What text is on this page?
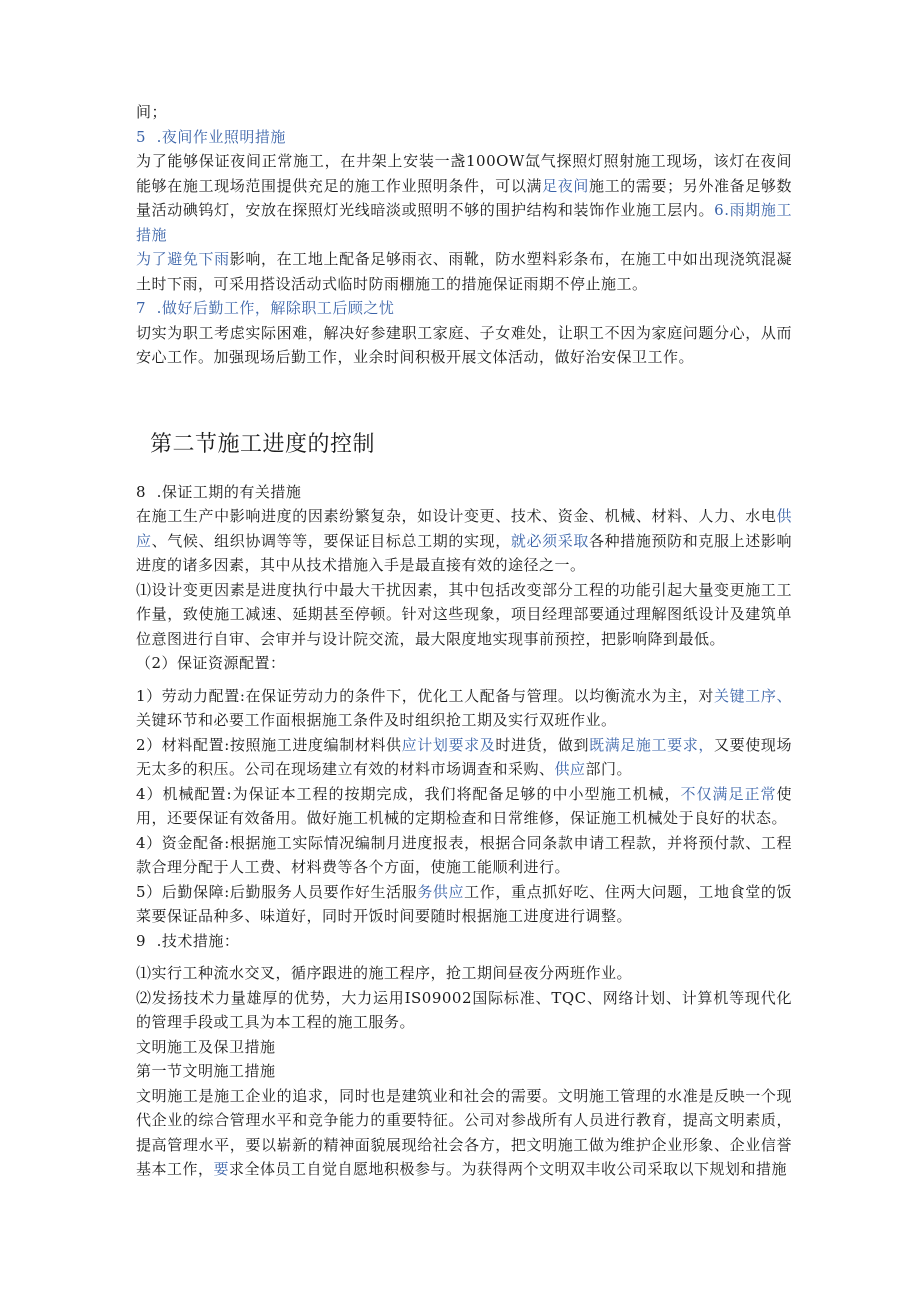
间；

5  .夜间作业照明措施

为了能够保证夜间正常施工，在井架上安装一盏100OW氙气探照灯照射施工现场，该灯在夜间能够在施工现场范围提供充足的施工作业照明条件，可以满足夜间施工的需要；另外准备足够数量活动碘钨灯，安放在探照灯光线暗淡或照明不够的围护结构和装饰作业施工层内。6.雨期施工措施

为了避免下雨影响，在工地上配备足够雨衣、雨靴，防水塑料彩条布，在施工中如出现浇筑混凝土时下雨，可采用搭设活动式临时防雨棚施工的措施保证雨期不停止施工。

7  .做好后勤工作，解除职工后顾之忧

切实为职工考虑实际困难，解决好参建职工家庭、子女难处，让职工不因为家庭问题分心，从而安心工作。加强现场后勤工作，业余时间积极开展文体活动，做好治安保卫工作。

第二节施工进度的控制

8  .保证工期的有关措施

在施工生产中影响进度的因素纷繁复杂，如设计变更、技术、资金、机械、材料、人力、水电供应、气候、组织协调等等，要保证目标总工期的实现，就必须采取各种措施预防和克服上述影响进度的诸多因素，其中从技术措施入手是最直接有效的途径之一。

⑴设计变更因素是进度执行中最大干扰因素，其中包括改变部分工程的功能引起大量变更施工工作量，致使施工减速、延期甚至停顿。针对这些现象，项目经理部要通过理解图纸设计及建筑单位意图进行自审、会审并与设计院交流，最大限度地实现事前预控，把影响降到最低。

（2）保证资源配置：

1）劳动力配置:在保证劳动力的条件下，优化工人配备与管理。以均衡流水为主，对关键工序、关键环节和必要工作面根据施工条件及时组织抢工期及实行双班作业。

2）材料配置:按照施工进度编制材料供应计划要求及时进货，做到既满足施工要求，又要使现场无太多的积压。公司在现场建立有效的材料市场调查和采购、供应部门。

4）机械配置:为保证本工程的按期完成，我们将配备足够的中小型施工机械，不仅满足正常使用，还要保证有效备用。做好施工机械的定期检查和日常维修，保证施工机械处于良好的状态。

4）资金配备:根据施工实际情况编制月进度报表，根据合同条款申请工程款，并将预付款、工程款合理分配于人工费、材料费等各个方面，使施工能顺利进行。

5）后勤保障:后勤服务人员要作好生活服务供应工作，重点抓好吃、住两大问题，工地食堂的饭菜要保证品种多、味道好，同时开饭时间要随时根据施工进度进行调整。

9  .技术措施：

⑴实行工种流水交叉，循序跟进的施工程序，抢工期间昼夜分两班作业。

⑵发扬技术力量雄厚的优势，大力运用IS09002国际标准、TQC、网络计划、计算机等现代化的管理手段或工具为本工程的施工服务。

文明施工及保卫措施

第一节文明施工措施

文明施工是施工企业的追求，同时也是建筑业和社会的需要。文明施工管理的水准是反映一个现代企业的综合管理水平和竞争能力的重要特征。公司对参战所有人员进行教育，提高文明素质，提高管理水平，要以崭新的精神面貌展现给社会各方，把文明施工做为维护企业形象、企业信誉基本工作，要求全体员工自觉自愿地积极参与。为获得两个文明双丰收公司采取以下规划和措施
